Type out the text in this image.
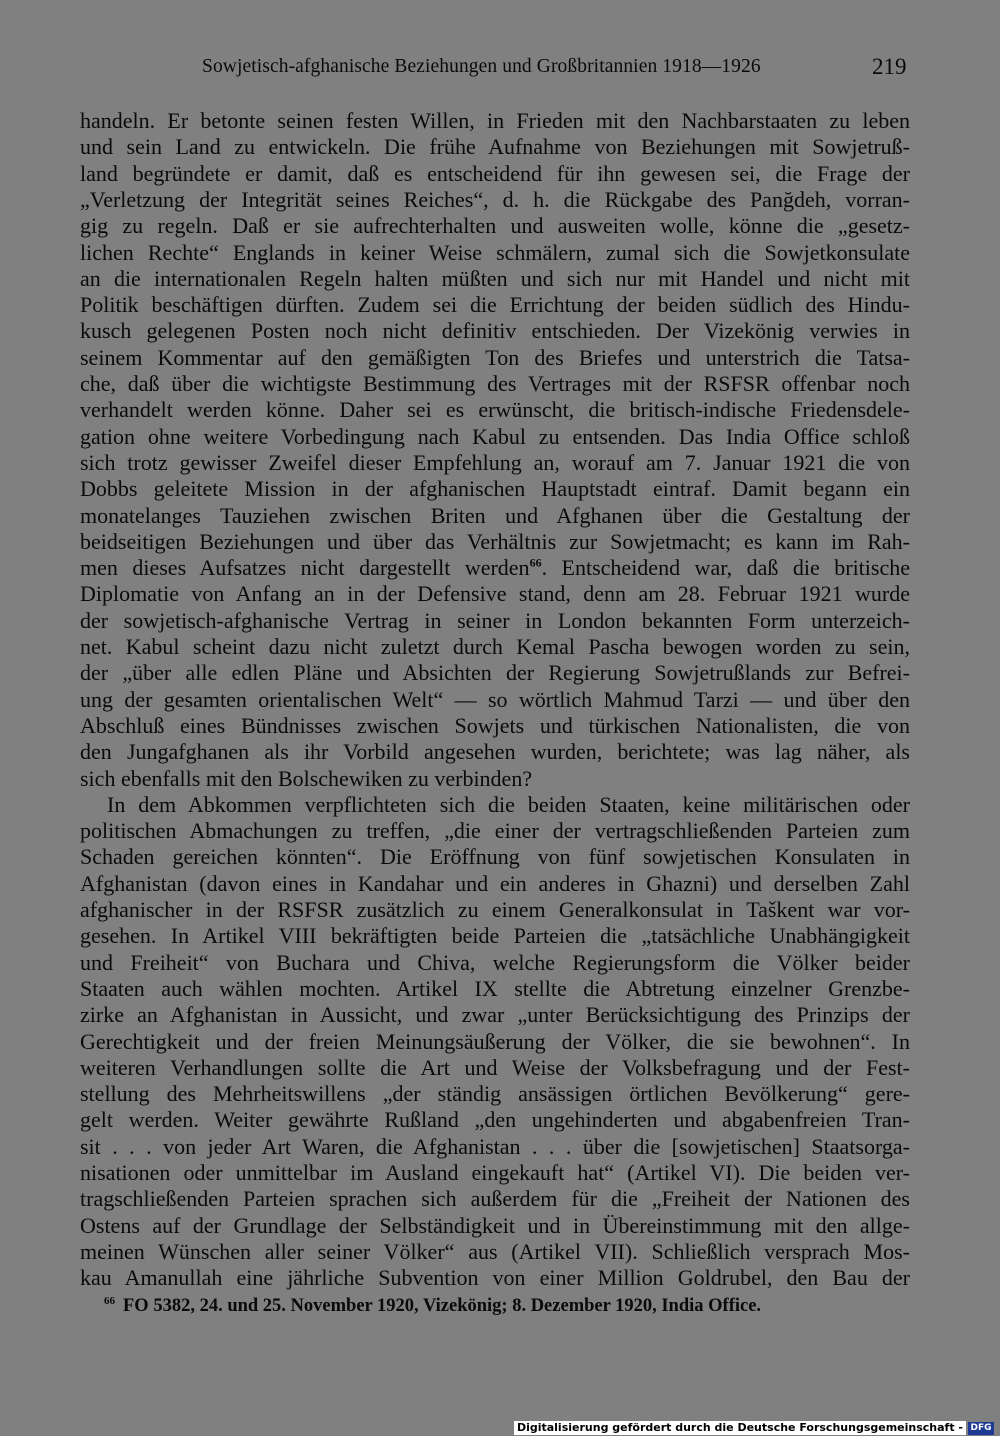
Sowjetisch-afghanische Beziehungen und Großbritannien 1918—1926	219
handeln. Er betonte seinen festen Willen, in Frieden mit den Nachbarstaaten zu leben
und sein Land zu entwickeln. Die frühe Aufnahme von Beziehungen mit Sowjetruß-
land begründete er damit, daß es entscheidend für ihn gewesen sei, die Frage der
„Verletzung der Integrität seines Reiches“, d. h. die Rückgabe des Panğdeh, vorran-
gig zu regeln. Daß er sie aufrechterhalten und ausweiten wolle, könne die „gesetz-
lichen Rechte“ Englands in keiner Weise schmälern, zumal sich die Sowjetkonsulate
an die internationalen Regeln halten müßten und sich nur mit Handel und nicht mit
Politik beschäftigen dürften. Zudem sei die Errichtung der beiden südlich des Hindu-
kusch gelegenen Posten noch nicht definitiv entschieden. Der Vizekönig verwies in
seinem Kommentar auf den gemäßigten Ton des Briefes und unterstrich die Tatsa-
che, daß über die wichtigste Bestimmung des Vertrages mit der RSFSR offenbar noch
verhandelt werden könne. Daher sei es erwünscht, die britisch-indische Friedensdele-
gation ohne weitere Vorbedingung nach Kabul zu entsenden. Das India Office schloß
sich trotz gewisser Zweifel dieser Empfehlung an, worauf am 7. Januar 1921 die von
Dobbs geleitete Mission in der afghanischen Hauptstadt eintraf. Damit begann ein
monatelanges Tauziehen zwischen Briten und Afghanen über die Gestaltung der
beidseitigen Beziehungen und über das Verhältnis zur Sowjetmacht; es kann im Rah-
men dieses Aufsatzes nicht dargestellt werden$^{66}$. Entscheidend war, daß die britische
Diplomatie von Anfang an in der Defensive stand, denn am 28. Februar 1921 wurde
der sowjetisch-afghanische Vertrag in seiner in London bekannten Form unterzeich-
net. Kabul scheint dazu nicht zuletzt durch Kemal Pascha bewogen worden zu sein,
der „über alle edlen Pläne und Absichten der Regierung Sowjetrußlands zur Befrei-
ung der gesamten orientalischen Welt“ — so wörtlich Mahmud Tarzi — und über den
Abschluß eines Bündnisses zwischen Sowjets und türkischen Nationalisten, die von
den Jungafghanen als ihr Vorbild angesehen wurden, berichtete; was lag näher, als
sich ebenfalls mit den Bolschewiken zu verbinden?
In dem Abkommen verpflichteten sich die beiden Staaten, keine militärischen oder
politischen Abmachungen zu treffen, „die einer der vertragschließenden Parteien zum
Schaden gereichen könnten“. Die Eröffnung von fünf sowjetischen Konsulaten in
Afghanistan (davon eines in Kandahar und ein anderes in Ghazni) und derselben Zahl
afghanischer in der RSFSR zusätzlich zu einem Generalkonsulat in Taškent war vor-
gesehen. In Artikel VIII bekräftigten beide Parteien die „tatsächliche Unabhängigkeit
und Freiheit“ von Buchara und Chiva, welche Regierungsform die Völker beider
Staaten auch wählen mochten. Artikel IX stellte die Abtretung einzelner Grenzbe-
zirke an Afghanistan in Aussicht, und zwar „unter Berücksichtigung des Prinzips der
Gerechtigkeit und der freien Meinungsäußerung der Völker, die sie bewohnen“. In
weiteren Verhandlungen sollte die Art und Weise der Volksbefragung und der Fest-
stellung des Mehrheitswillens „der ständig ansässigen örtlichen Bevölkerung“ gere-
gelt werden. Weiter gewährte Rußland „den ungehinderten und abgabenfreien Tran-
sit . . . von jeder Art Waren, die Afghanistan . . . über die [sowjetischen] Staatsorga-
nisationen oder unmittelbar im Ausland eingekauft hat“ (Artikel VI). Die beiden ver-
tragschließenden Parteien sprachen sich außerdem für die „Freiheit der Nationen des
Ostens auf der Grundlage der Selbständigkeit und in Übereinstimmung mit den allge-
meinen Wünschen aller seiner Völker“ aus (Artikel VII). Schließlich versprach Mos-
kau Amanullah eine jährliche Subvention von einer Million Goldrubel, den Bau der
$^{66}$ FO 5382, 24. und 25. November 1920, Vizekönig; 8. Dezember 1920, India Office.
Digitalisierung gefördert durch die Deutsche Forschungsgemeinschaft - DFG
